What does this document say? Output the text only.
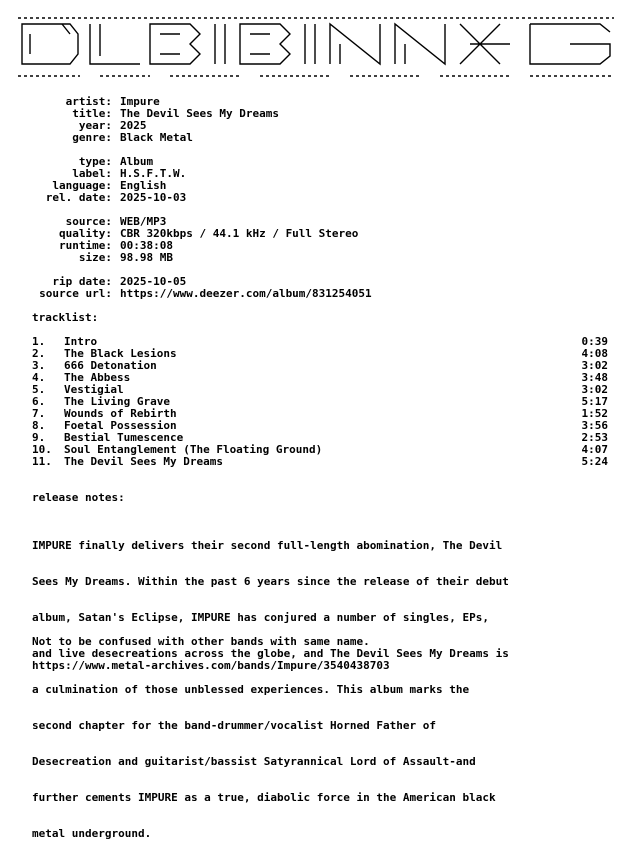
artist: Impure
title: The Devil Sees My Dreams
year: 2025
genre: Black Metal
type: Album
label: H.S.F.T.W.
language: English
rel. date: 2025-10-03
source: WEB/MP3
quality: CBR 320kbps / 44.1 kHz / Full Stereo
runtime: 00:38:08
size: 98.98 MB
rip date: 2025-10-05
source url: https://www.deezer.com/album/831254051
tracklist:
1. Intro	0:39
2. The Black Lesions	4:08
3. 666 Detonation	3:02
4. The Abbess	3:48
5. Vestigial	3:02
6. The Living Grave	5:17
7. Wounds of Rebirth	1:52
8. Foetal Possession	3:56
9. Bestial Tumescence	2:53
10. Soul Entanglement (The Floating Ground)	4:07
11. The Devil Sees My Dreams	5:24
release notes:

IMPURE finally delivers their second full-length abomination, The Devil

Sees My Dreams. Within the past 6 years since the release of their debut

album, Satan's Eclipse, IMPURE has conjured a number of singles, EPs,

and live desecreations across the globe, and The Devil Sees My Dreams is

a culmination of those unblessed experiences. This album marks the

second chapter for the band-drummer/vocalist Horned Father of

Desecreation and guitarist/bassist Satyrannical Lord of Assault-and

further cements IMPURE as a true, diabolic force in the American black

metal underground.

Not to be confused with other bands with same name.
https://www.metal-archives.com/bands/Impure/3540438703
